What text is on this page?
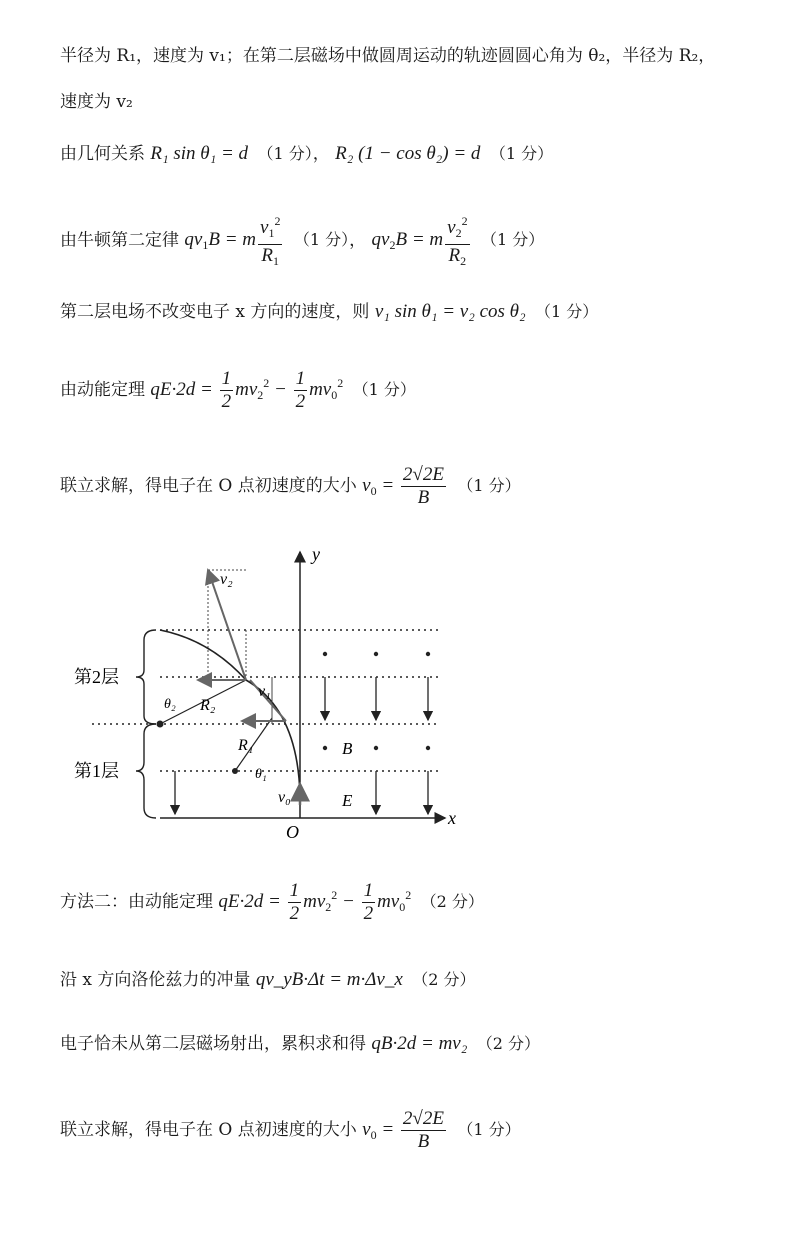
半径为 R₁，速度为 v₁；在第二层磁场中做圆周运动的轨迹圆圆心角为 θ₂，半径为 R₂，
速度为 v₂
由几何关系 R₁ sin θ₁ = d （1 分）， R₂ (1 − cos θ₂) = d （1 分）
由牛顿第二定律 $qv_1B = m \frac{v_1^2}{R_1} (1$ 分）， $qv_2B = m \frac{v_2^2}{R_2} (1$ 分）
第二层电场不改变电子 x 方向的速度，则 v₁ sin θ₁ = v₂ cos θ₂ （1 分）
由动能定理 $qE\cdot 2d = \frac{1}{2} mv_2^2 - \frac{1}{2} mv_0^2$ （1 分）
联立求解，得电子在 O 点初速度的大小 $v_0 = \frac{2√2E}{B} (1$ 分）
y
x
O
B
E
R₁
θ₁
R₂
θ₂
v₂
v₁
v₀
第2层
第1层
方法二：由动能定理 $qE\cdot 2d = \frac{1}{2} mv_2^2 - \frac{1}{2} mv_0^2$ （2 分）
沿 x 方向洛伦兹力的冲量 qv_yB·Δt = m·Δv_x （2 分）
电子恰未从第二层磁场射出，累积求和得 qB·2d = mv₂ （2 分）
联立求解，得电子在 O 点初速度的大小 $v_0 = \frac{2√2E}{B} (1$ 分）
